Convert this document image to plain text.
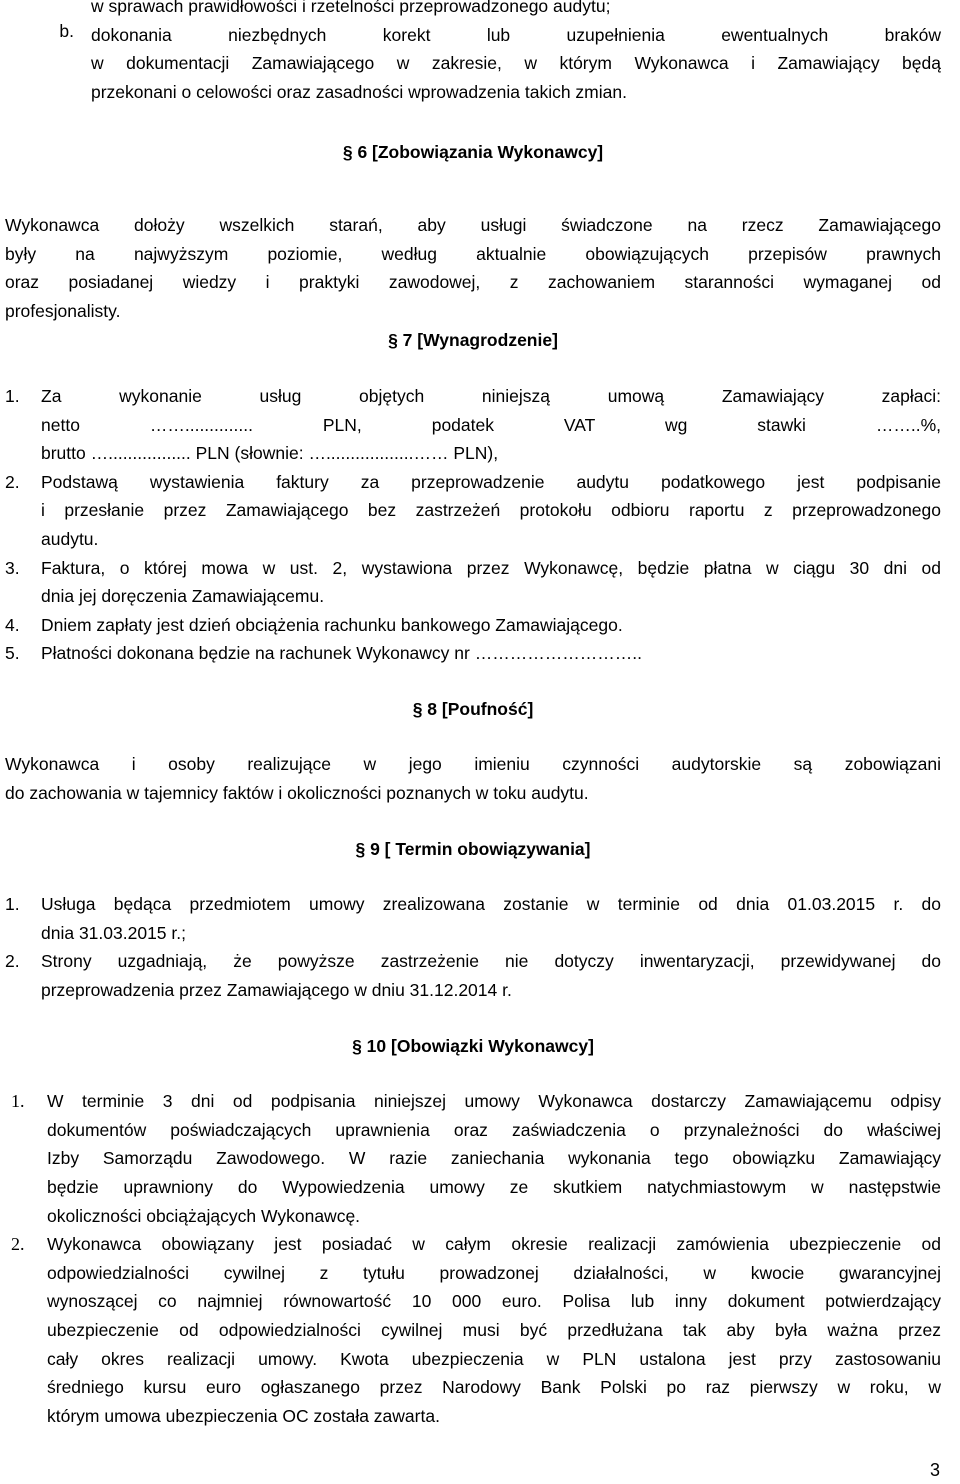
w sprawach prawidłowości i rzetelności przeprowadzonego audytu;
b. dokonania niezbędnych korekt lub uzupełnienia ewentualnych braków
w dokumentacji Zamawiającego w zakresie, w którym Wykonawca i Zamawiający będą
przekonani o celowości oraz zasadności wprowadzenia takich zmian.

§ 6 [Zobowiązania Wykonawcy]

Wykonawca dołoży wszelkich starań, aby usługi świadczone na rzecz Zamawiającego
były na najwyższym poziomie, według aktualnie obowiązujących przepisów prawnych
oraz posiadanej wiedzy i praktyki zawodowej, z zachowaniem staranności wymaganej od
profesjonalisty.

§ 7 [Wynagrodzenie]

1.	Za wykonanie usług objętych niniejszą umową Zamawiający zapłaci:
netto …….............. PLN, podatek VAT wg stawki ……..%,
brutto …................. PLN (słownie: …..................…… PLN),
2.	Podstawą wystawienia faktury za przeprowadzenie audytu podatkowego jest podpisanie
i przesłanie przez Zamawiającego bez zastrzeżeń protokołu odbioru raportu z przeprowadzonego
audytu.
3.	Faktura, o której mowa w ust. 2, wystawiona przez Wykonawcę, będzie płatna w ciągu 30 dni od
dnia jej doręczenia Zamawiającemu.
4.	Dniem zapłaty jest dzień obciążenia rachunku bankowego Zamawiającego.
5.	Płatności dokonana będzie na rachunek Wykonawcy nr ………………………..

§ 8 [Poufność]

Wykonawca i osoby realizujące w jego imieniu czynności audytorskie są zobowiązani
do zachowania w tajemnicy faktów i okoliczności poznanych w toku audytu.

§ 9 [ Termin obowiązywania]

1.	Usługa będąca przedmiotem umowy zrealizowana zostanie w terminie od dnia 01.03.2015 r. do
dnia 31.03.2015 r.;
2.	Strony uzgadniają, że powyższe zastrzeżenie nie dotyczy inwentaryzacji, przewidywanej do
przeprowadzenia przez Zamawiającego w dniu 31.12.2014 r.

§ 10 [Obowiązki Wykonawcy]

1.	W terminie 3 dni od podpisania niniejszej umowy Wykonawca dostarczy Zamawiającemu odpisy
dokumentów poświadczających uprawnienia oraz zaświadczenia o przynależności do właściwej
Izby Samorządu Zawodowego. W razie zaniechania wykonania tego obowiązku Zamawiający
będzie uprawniony do Wypowiedzenia umowy ze skutkiem natychmiastowym w następstwie
okoliczności obciążających Wykonawcę.
2.	Wykonawca obowiązany jest posiadać w całym okresie realizacji zamówienia ubezpieczenie od
odpowiedzialności cywilnej z tytułu prowadzonej działalności, w kwocie gwarancyjnej
wynoszącej co najmniej równowartość 10 000 euro. Polisa lub inny dokument potwierdzający
ubezpieczenie od odpowiedzialności cywilnej musi być przedłużana tak aby była ważna przez
cały okres realizacji umowy. Kwota ubezpieczenia w PLN ustalona jest przy zastosowaniu
średniego kursu euro ogłaszanego przez Narodowy Bank Polski po raz pierwszy w roku, w
którym umowa ubezpieczenia OC została zawarta.
3
